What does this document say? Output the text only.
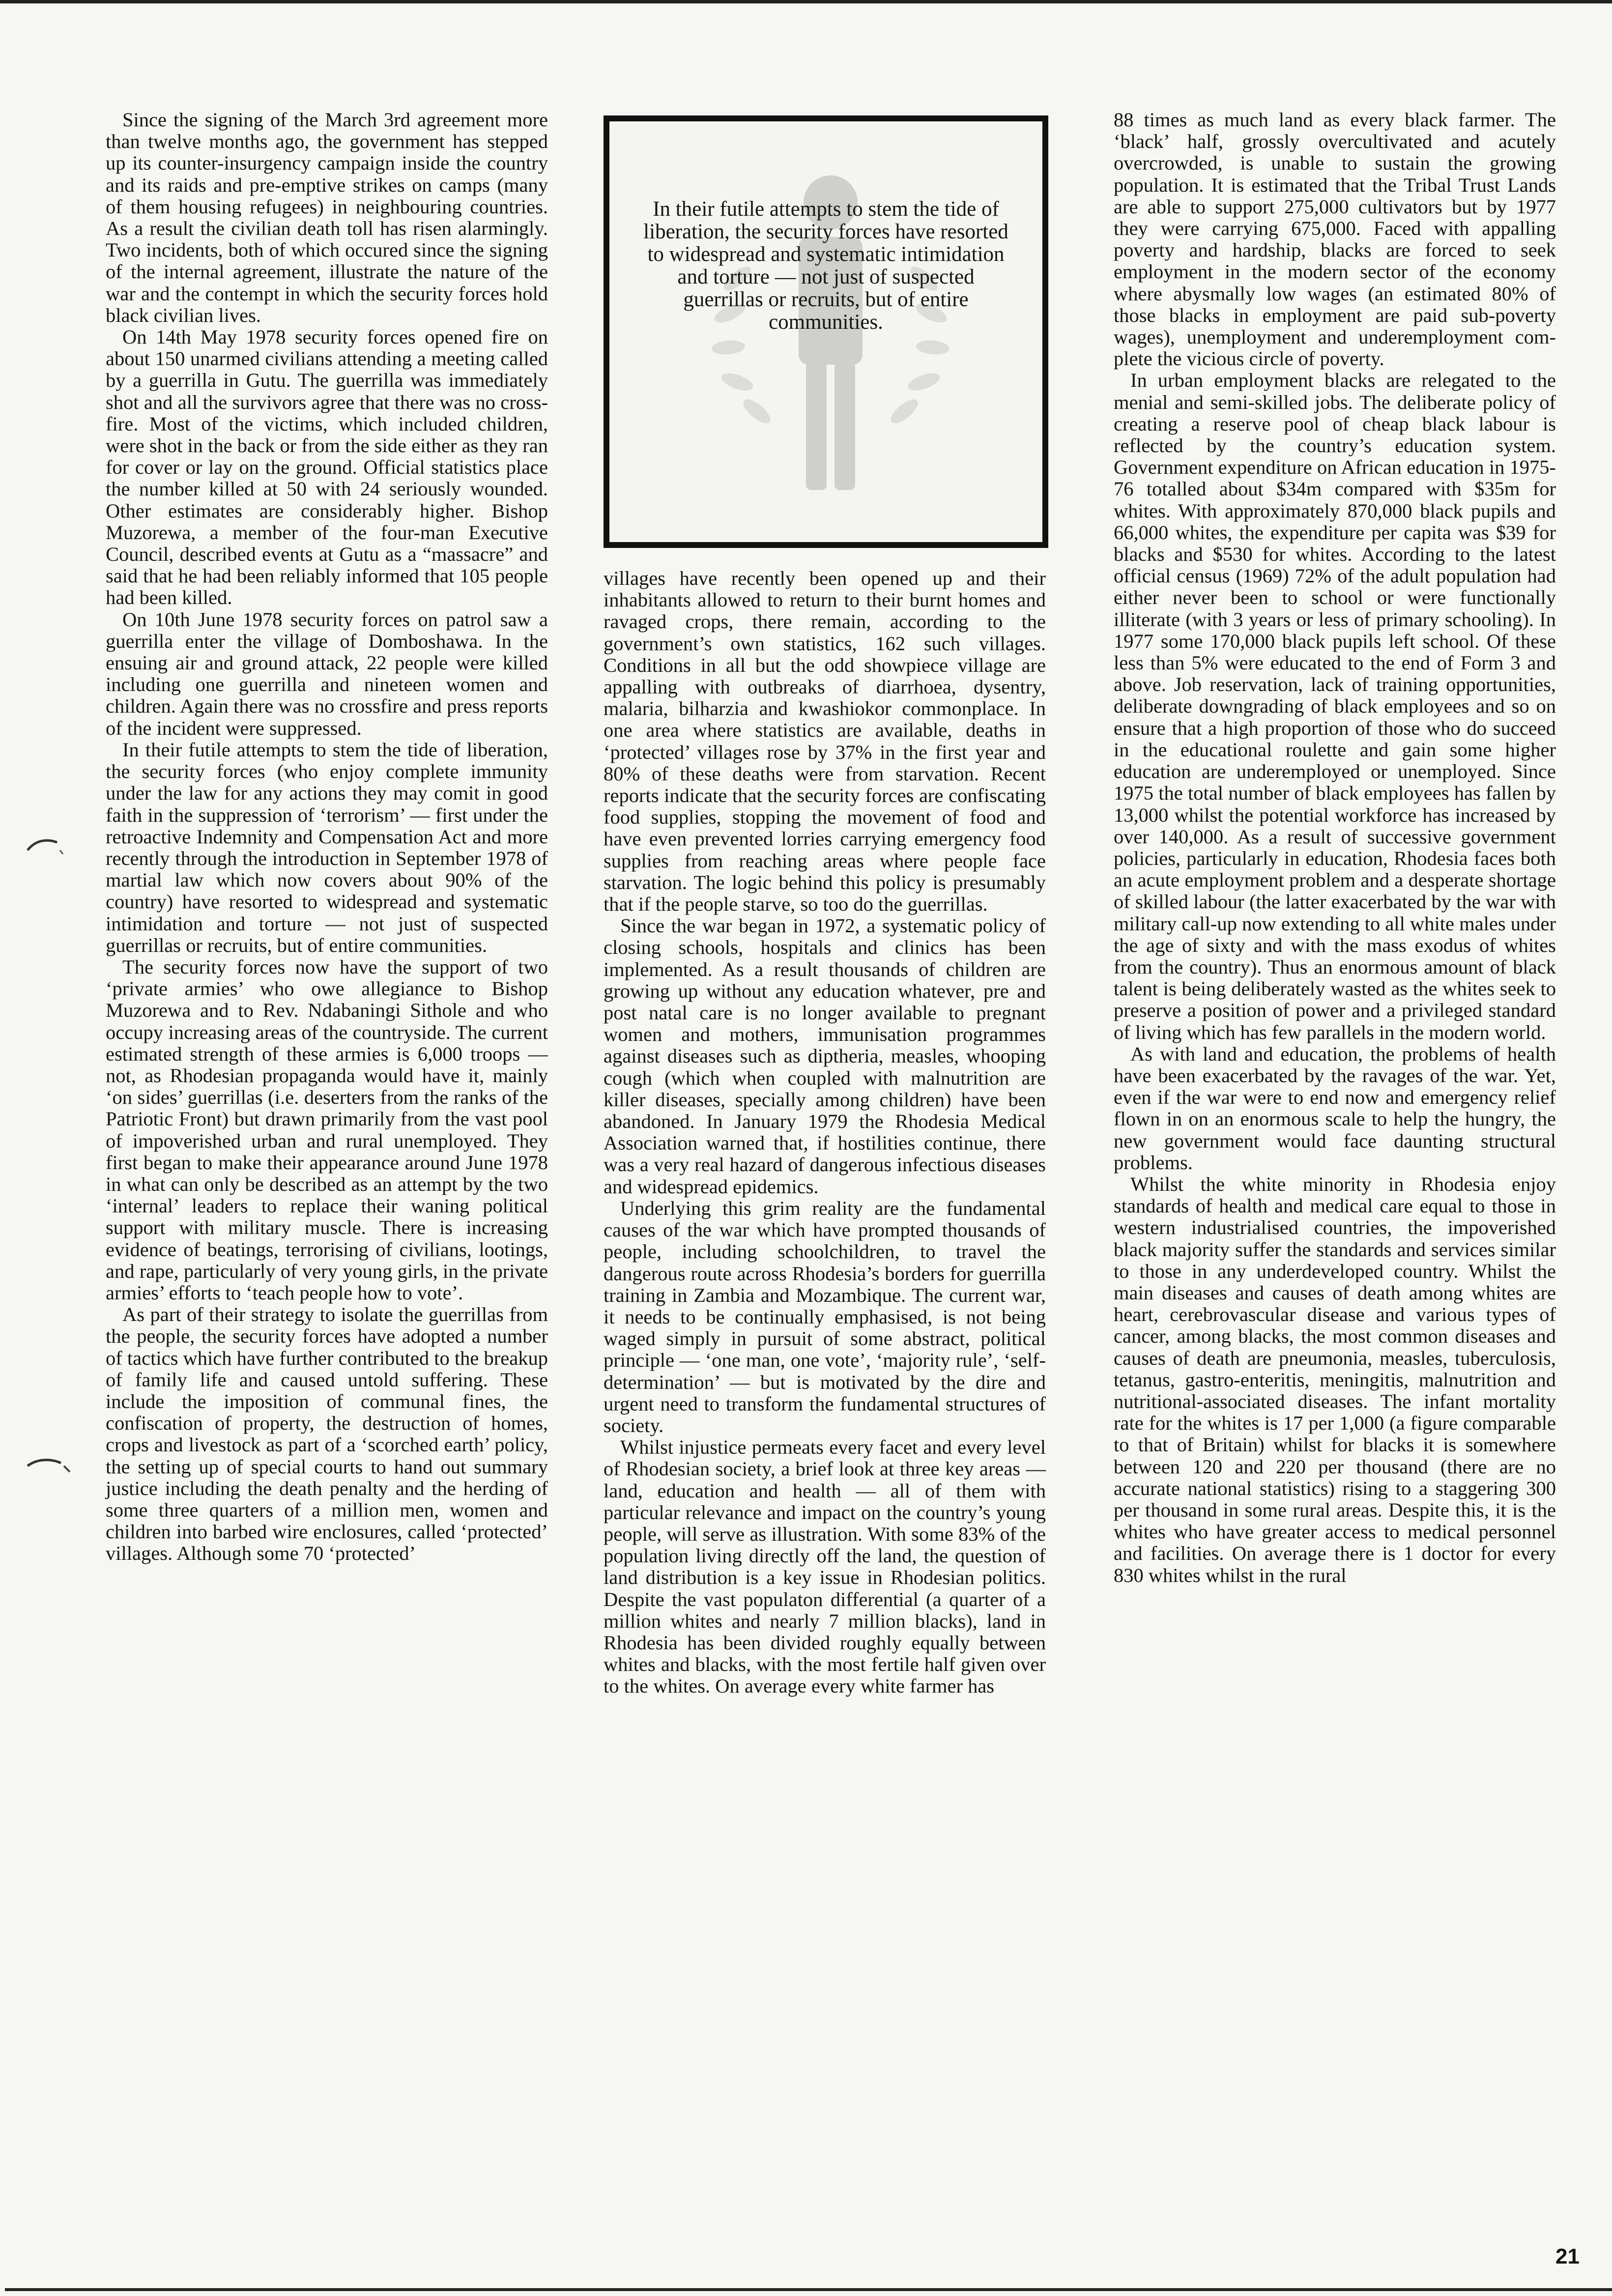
Since the signing of the March 3rd agreement more than twelve months ago, the government has stepped up its counter-insurgency campaign inside the country and its raids and pre-emptive strikes on camps (many of them housing refugees) in neighbouring countries. As a result the civilian death toll has risen alarmingly. Two incidents, both of which occured since the signing of the internal agreement, illustrate the nature of the war and the contempt in which the security forces hold black civilian lives.

On 14th May 1978 security forces opened fire on about 150 unarmed civilians attending a meeting called by a guerrilla in Gutu. The guerrilla was immediately shot and all the survivors agree that there was no crossfire. Most of the victims, which included children, were shot in the back or from the side either as they ran for cover or lay on the ground. Official statistics place the number killed at 50 with 24 seriously wounded. Other estimates are considerably higher. Bishop Muzorewa, a member of the four-man Executive Council, described events at Gutu as a “massacre” and said that he had been reliably informed that 105 people had been killed.

On 10th June 1978 security forces on patrol saw a guerrilla enter the village of Domboshawa. In the ensuing air and ground attack, 22 people were killed including one guerrilla and nineteen women and children. Again there was no crossfire and press reports of the incident were suppressed.

In their futile attempts to stem the tide of liberation, the security forces (who enjoy complete immunity under the law for any actions they may comit in good faith in the suppression of ‘terrorism’ — first under the retroactive Indemnity and Compensation Act and more recently through the introduction in September 1978 of martial law which now covers about 90% of the country) have resorted to widespread and systematic intimidation and torture — not just of suspected guerrillas or recruits, but of entire communities.

The security forces now have the support of two ‘private armies’ who owe allegiance to Bishop Muzorewa and to Rev. Ndabaningi Sithole and who occupy increasing areas of the countryside. The current estimated strength of these armies is 6,000 troops — not, as Rhodesian propaganda would have it, mainly ‘on sides’ guerrillas (i.e. deserters from the ranks of the Patriotic Front) but drawn primarily from the vast pool of impoverished urban and rural unemployed. They first began to make their appearance around June 1978 in what can only be described as an attempt by the two ‘internal’ leaders to replace their waning political support with military muscle. There is increasing evidence of beatings, terrorising of civilians, lootings, and rape, particularly of very young girls, in the private armies’ efforts to ‘teach people how to vote’.

As part of their strategy to isolate the guerrillas from the people, the security forces have adopted a number of tactics which have further contributed to the breakup of family life and caused untold suffering. These include the imposition of communal fines, the confiscation of property, the destruction of homes, crops and livestock as part of a ‘scorched earth’ policy, the setting up of special courts to hand out summary justice including the death penalty and the herding of some three quarters of a million men, women and children into barbed wire enclosures, called ‘protected’ villages. Although some 70 ‘protected’

In their futile attempts to stem the tide of liberation, the security forces have resorted to widespread and systematic intimidation and torture — not just of suspected guerrillas or recruits, but of entire communities.

villages have recently been opened up and their inhabitants allowed to return to their burnt homes and ravaged crops, there remain, according to the government’s own statistics, 162 such villages. Conditions in all but the odd showpiece village are appalling with outbreaks of diarrhoea, dysentry, malaria, bilharzia and kwashiokor commonplace. In one area where statistics are available, deaths in ‘protected’ villages rose by 37% in the first year and 80% of these deaths were from starvation. Recent reports indicate that the security forces are confiscating food supplies, stopping the movement of food and have even prevented lorries carrying emergency food supplies from reaching areas where people face starvation. The logic behind this policy is presumably that if the people starve, so too do the guerrillas.

Since the war began in 1972, a systematic policy of closing schools, hospitals and clinics has been implemented. As a result thousands of children are growing up without any education whatever, pre and post natal care is no longer available to pregnant women and mothers, immunisation programmes against diseases such as diptheria, measles, whooping cough (which when coupled with malnutrition are killer diseases, specially among children) have been abandoned. In January 1979 the Rhodesia Medical Association warned that, if hostilities continue, there was a very real hazard of dangerous infectious diseases and widespread epidemics.

Underlying this grim reality are the fundamental causes of the war which have prompted thousands of people, including schoolchildren, to travel the dangerous route across Rhodesia’s borders for guerrilla training in Zambia and Mozambique. The current war, it needs to be continually emphasised, is not being waged simply in pursuit of some abstract, political principle — ‘one man, one vote’, ‘majority rule’, ‘self-determination’ — but is motivated by the dire and urgent need to transform the fundamental structures of society.

Whilst injustice permeats every facet and every level of Rhodesian society, a brief look at three key areas — land, education and health — all of them with particular relevance and impact on the country’s young people, will serve as illustration. With some 83% of the population living directly off the land, the question of land distribution is a key issue in Rhodesian politics. Despite the vast populaton differential (a quarter of a million whites and nearly 7 million blacks), land in Rhodesia has been divided roughly equally between whites and blacks, with the most fertile half given over to the whites. On average every white farmer has

88 times as much land as every black farmer. The ‘black’ half, grossly overcultivated and acutely overcrowded, is unable to sustain the growing population. It is estimated that the Tribal Trust Lands are able to support 275,000 cultivators but by 1977 they were carrying 675,000. Faced with appalling poverty and hardship, blacks are forced to seek employment in the modern sector of the economy where abysmally low wages (an estimated 80% of those blacks in employment are paid sub-poverty wages), unemployment and underemployment complete the vicious circle of poverty.

In urban employment blacks are relegated to the menial and semi-skilled jobs. The deliberate policy of creating a reserve pool of cheap black labour is reflected by the country’s education system. Government expenditure on African education in 1975-76 totalled about $34m compared with $35m for whites. With approximately 870,000 black pupils and 66,000 whites, the expenditure per capita was $39 for blacks and $530 for whites. According to the latest official census (1969) 72% of the adult population had either never been to school or were functionally illiterate (with 3 years or less of primary schooling). In 1977 some 170,000 black pupils left school. Of these less than 5% were educated to the end of Form 3 and above. Job reservation, lack of training opportunities, deliberate downgrading of black employees and so on ensure that a high proportion of those who do succeed in the educational roulette and gain some higher education are underemployed or unemployed. Since 1975 the total number of black employees has fallen by 13,000 whilst the potential workforce has increased by over 140,000. As a result of successive government policies, particularly in education, Rhodesia faces both an acute employment problem and a desperate shortage of skilled labour (the latter exacerbated by the war with military call-up now extending to all white males under the age of sixty and with the mass exodus of whites from the country). Thus an enormous amount of black talent is being deliberately wasted as the whites seek to preserve a position of power and a privileged standard of living which has few parallels in the modern world.

As with land and education, the problems of health have been exacerbated by the ravages of the war. Yet, even if the war were to end now and emergency relief flown in on an enormous scale to help the hungry, the new government would face daunting structural problems.

Whilst the white minority in Rhodesia enjoy standards of health and medical care equal to those in western industrialised countries, the impoverished black majority suffer the standards and services similar to those in any underdeveloped country. Whilst the main diseases and causes of death among whites are heart, cerebrovascular disease and various types of cancer, among blacks, the most common diseases and causes of death are pneumonia, measles, tuberculosis, tetanus, gastro-enteritis, meningitis, malnutrition and nutritional-associated diseases. The infant mortality rate for the whites is 17 per 1,000 (a figure comparable to that of Britain) whilst for blacks it is somewhere between 120 and 220 per thousand (there are no accurate national statistics) rising to a staggering 300 per thousand in some rural areas. Despite this, it is the whites who have greater access to medical personnel and facilities. On average there is 1 doctor for every 830 whites whilst in the rural

21
